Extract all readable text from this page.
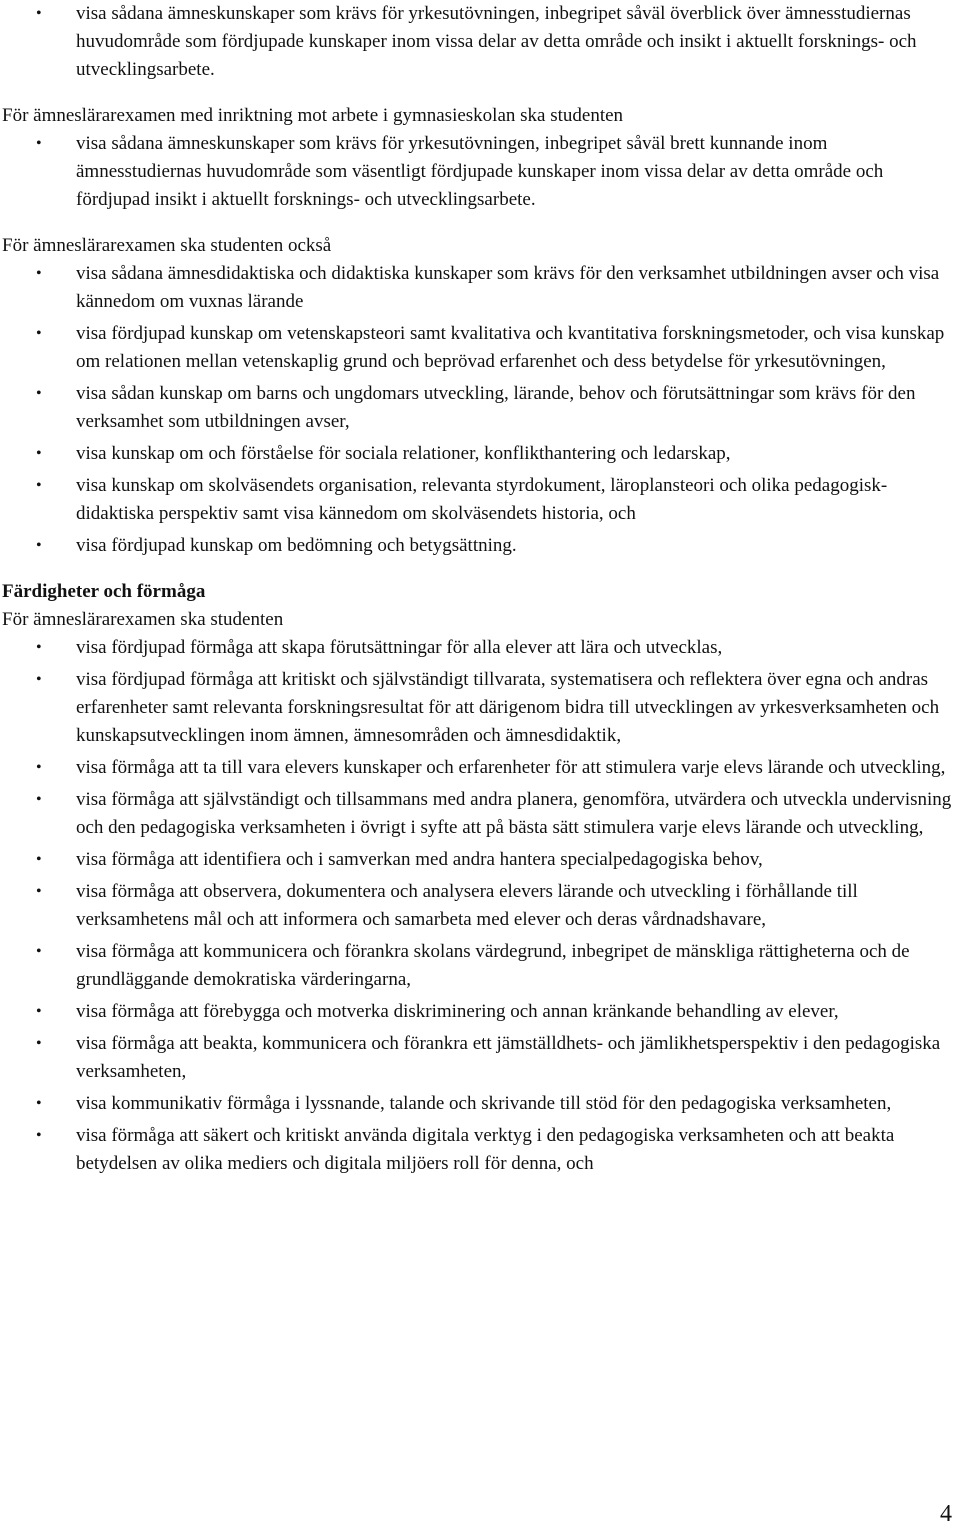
• visa sådana ämneskunskaper som krävs för yrkesutövningen, inbegripet såväl överblick över ämnesstudiernas huvudområde som fördjupade kunskaper inom vissa delar av detta område och insikt i aktuellt forsknings- och utvecklingsarbete.

För ämneslärarexamen med inriktning mot arbete i gymnasieskolan ska studenten

• visa sådana ämneskunskaper som krävs för yrkesutövningen, inbegripet såväl brett kunnande inom ämnesstudiernas huvudområde som väsentligt fördjupade kunskaper inom vissa delar av detta område och fördjupad insikt i aktuellt forsknings- och utvecklingsarbete.

För ämneslärarexamen ska studenten också

• visa sådana ämnesdidaktiska och didaktiska kunskaper som krävs för den verksamhet utbildningen avser och visa kännedom om vuxnas lärande
• visa fördjupad kunskap om vetenskapsteori samt kvalitativa och kvantitativa forskningsmetoder, och visa kunskap om relationen mellan vetenskaplig grund och beprövad erfarenhet och dess betydelse för yrkesutövningen,
• visa sådan kunskap om barns och ungdomars utveckling, lärande, behov och förutsättningar som krävs för den verksamhet som utbildningen avser,
• visa kunskap om och förståelse för sociala relationer, konflikthantering och ledarskap,
• visa kunskap om skolväsendets organisation, relevanta styrdokument, läroplansteori och olika pedagogisk-didaktiska perspektiv samt visa kännedom om skolväsendets historia, och
• visa fördjupad kunskap om bedömning och betygsättning.

Färdigheter och förmåga

För ämneslärarexamen ska studenten

• visa fördjupad förmåga att skapa förutsättningar för alla elever att lära och utvecklas,
• visa fördjupad förmåga att kritiskt och självständigt tillvarata, systematisera och reflektera över egna och andras erfarenheter samt relevanta forskningsresultat för att därigenom bidra till utvecklingen av yrkesverksamheten och kunskapsutvecklingen inom ämnen, ämnesområden och ämnesdidaktik,
• visa förmåga att ta till vara elevers kunskaper och erfarenheter för att stimulera varje elevs lärande och utveckling,
• visa förmåga att självständigt och tillsammans med andra planera, genomföra, utvärdera och utveckla undervisning och den pedagogiska verksamheten i övrigt i syfte att på bästa sätt stimulera varje elevs lärande och utveckling,
• visa förmåga att identifiera och i samverkan med andra hantera specialpedagogiska behov,
• visa förmåga att observera, dokumentera och analysera elevers lärande och utveckling i förhållande till verksamhetens mål och att informera och samarbeta med elever och deras vårdnadshavare,
• visa förmåga att kommunicera och förankra skolans värdegrund, inbegripet de mänskliga rättigheterna och de grundläggande demokratiska värderingarna,
• visa förmåga att förebygga och motverka diskriminering och annan kränkande behandling av elever,
• visa förmåga att beakta, kommunicera och förankra ett jämställdhets- och jämlikhetsperspektiv i den pedagogiska verksamheten,
• visa kommunikativ förmåga i lyssnande, talande och skrivande till stöd för den pedagogiska verksamheten,
• visa förmåga att säkert och kritiskt använda digitala verktyg i den pedagogiska verksamheten och att beakta betydelsen av olika mediers och digitala miljöers roll för denna, och
4
